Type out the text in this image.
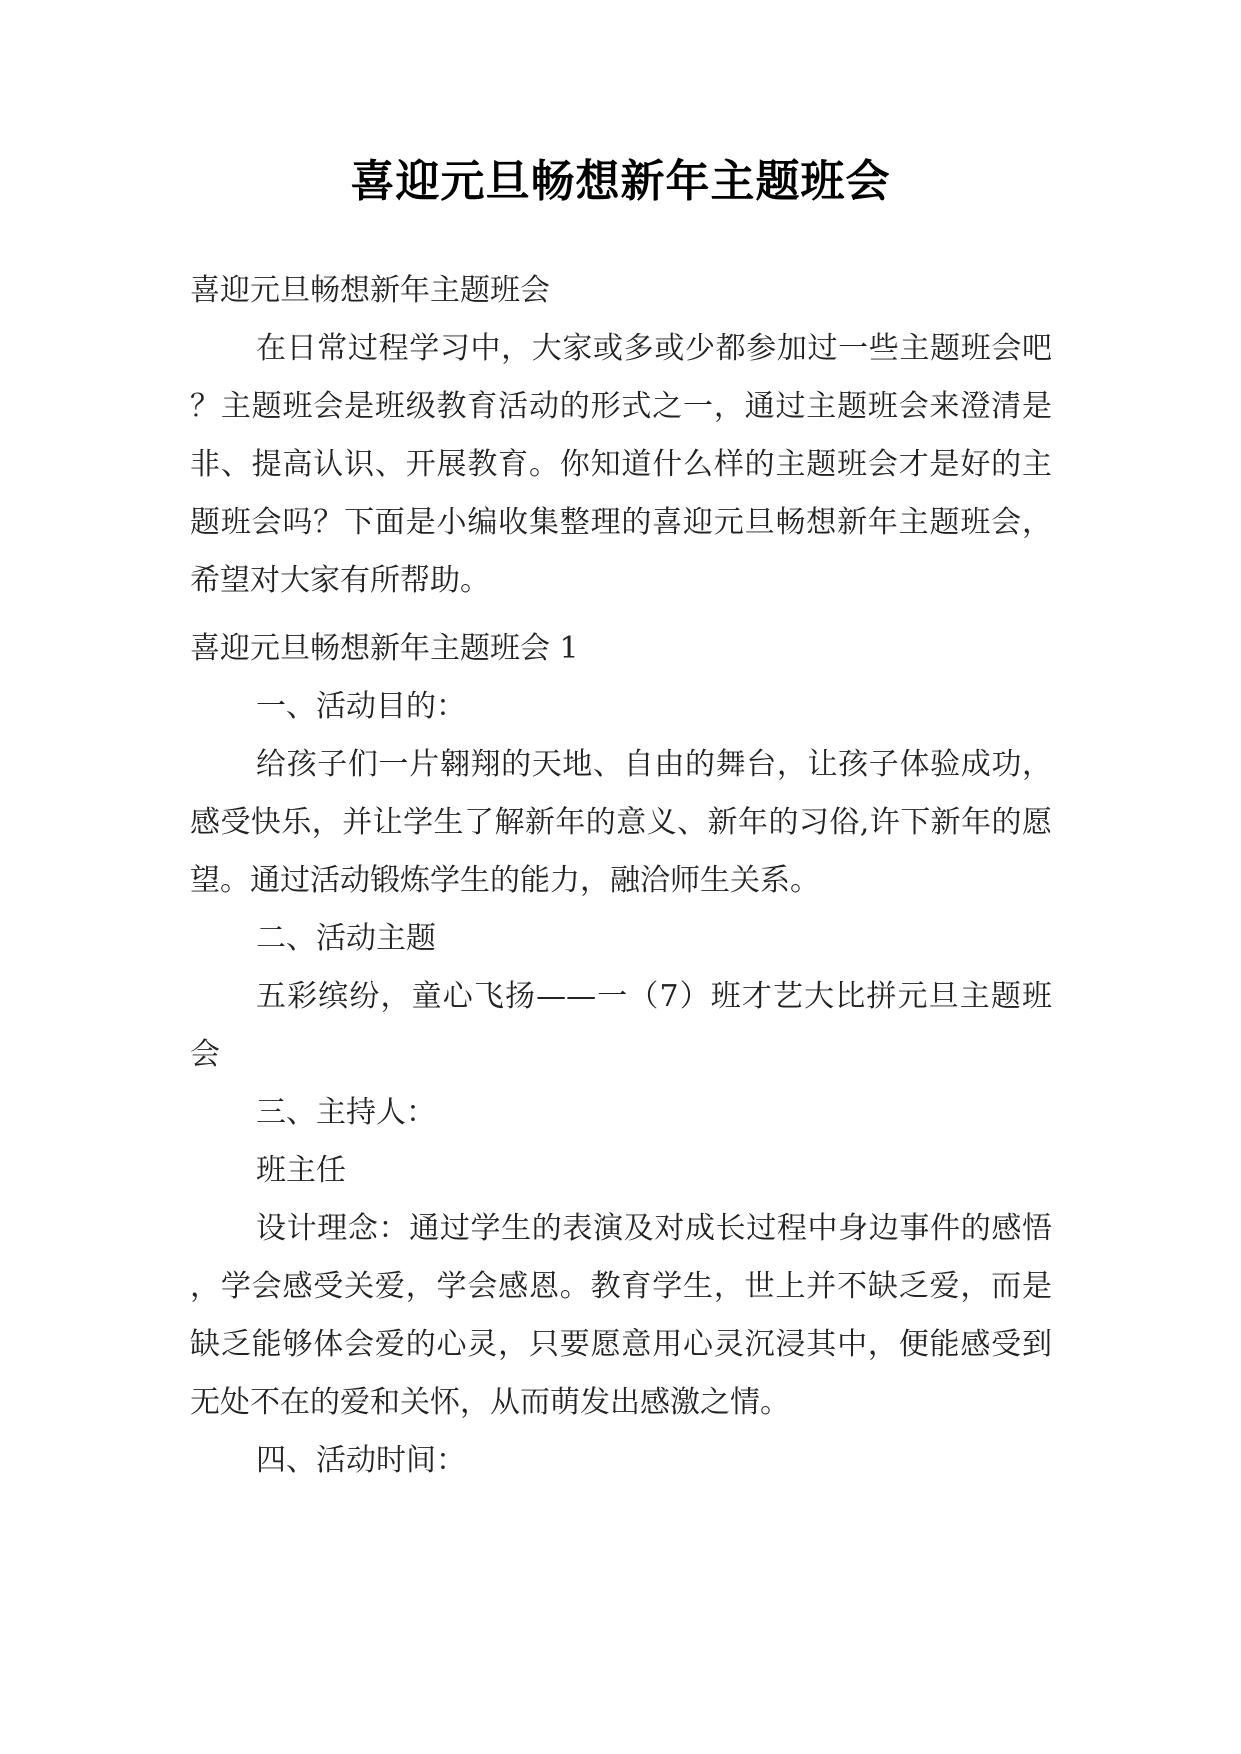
喜迎元旦畅想新年主题班会

喜迎元旦畅想新年主题班会

在日常过程学习中，大家或多或少都参加过一些主题班会吧？主题班会是班级教育活动的形式之一，通过主题班会来澄清是非、提高认识、开展教育。你知道什么样的主题班会才是好的主题班会吗？下面是小编收集整理的喜迎元旦畅想新年主题班会，希望对大家有所帮助。

喜迎元旦畅想新年主题班会 1

一、活动目的：

给孩子们一片翱翔的天地、自由的舞台，让孩子体验成功，感受快乐，并让学生了解新年的意义、新年的习俗,许下新年的愿望。通过活动锻炼学生的能力，融洽师生关系。

二、活动主题

五彩缤纷，童心飞扬——一（7）班才艺大比拼元旦主题班会

三、主持人：

班主任

设计理念：通过学生的表演及对成长过程中身边事件的感悟，学会感受关爱，学会感恩。教育学生，世上并不缺乏爱，而是缺乏能够体会爱的心灵，只要愿意用心灵沉浸其中，便能感受到无处不在的爱和关怀，从而萌发出感激之情。

四、活动时间：
